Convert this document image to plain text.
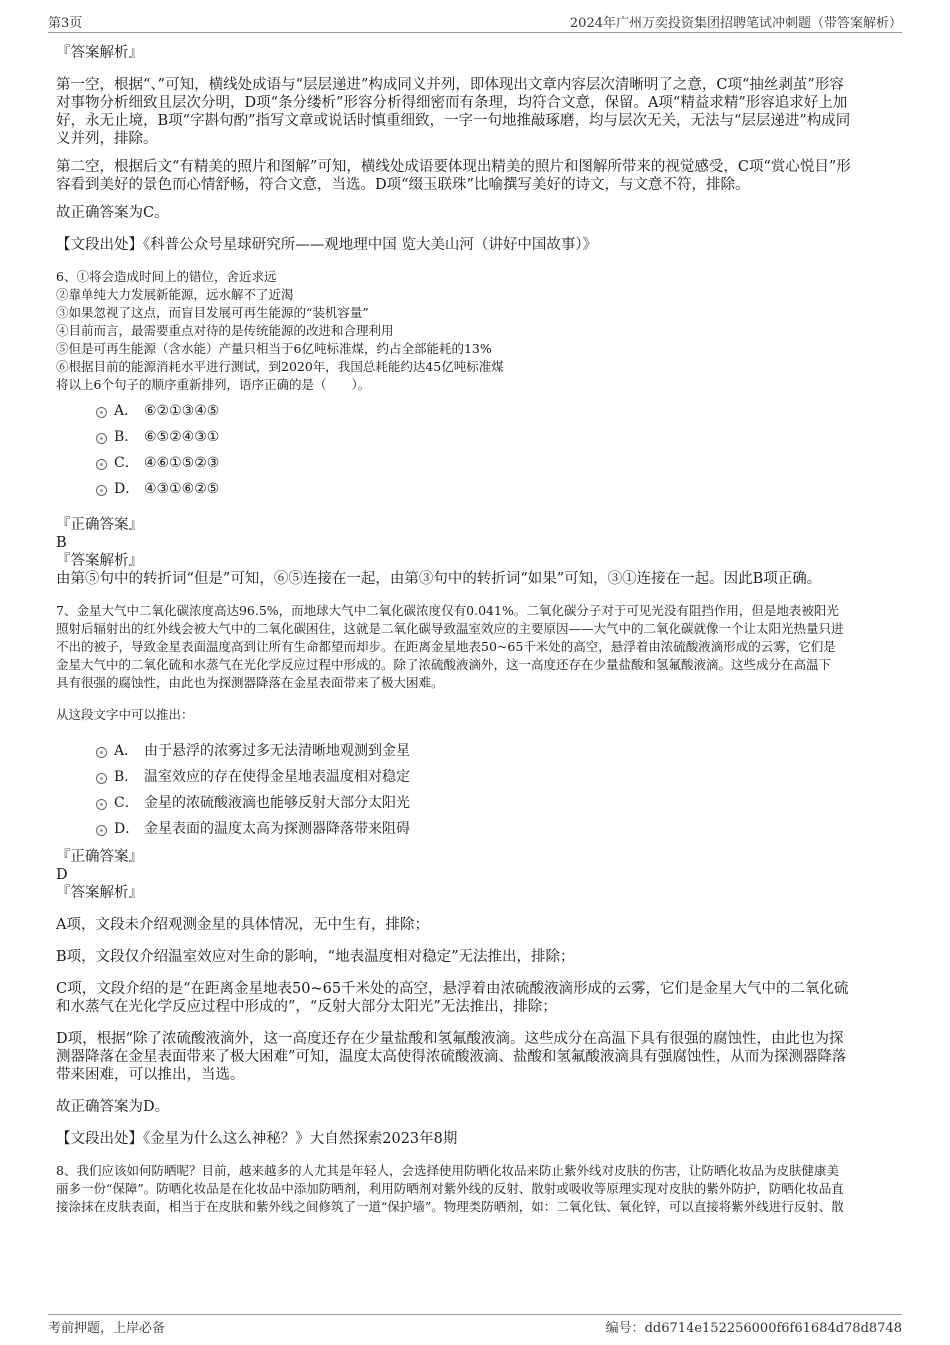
第3页	2024年广州万奕投资集团招聘笔试冲刺题（带答案解析）

『答案解析』

第一空，根据“、”可知，横线处成语与“层层递进”构成同义并列，即体现出文章内容层次清晰明了之意，C项“抽丝剥茧”形容

对事物分析细致且层次分明，D项“条分缕析”形容分析得细密而有条理，均符合文意，保留。A项“精益求精”形容追求好上加

好，永无止境，B项“字斟句酌”指写文章或说话时慎重细致，一字一句地推敲琢磨，均与层次无关，无法与“层层递进”构成同

义并列，排除。

第二空，根据后文“有精美的照片和图解”可知，横线处成语要体现出精美的照片和图解所带来的视觉感受，C项“赏心悦目”形

容看到美好的景色而心情舒畅，符合文意，当选。D项“缀玉联珠”比喻撰写美好的诗文，与文意不符，排除。

故正确答案为C。

【文段出处】《科普公众号星球研究所——观地理中国 览大美山河（讲好中国故事）》

6、①将会造成时间上的错位，舍近求远

②靠单纯大力发展新能源，远水解不了近渴

③如果忽视了这点，而盲目发展可再生能源的“装机容量”

④目前而言，最需要重点对待的是传统能源的改进和合理利用

⑤但是可再生能源（含水能）产量只相当于6亿吨标准煤，约占全部能耗的13%

⑥根据目前的能源消耗水平进行测试，到2020年，我国总耗能约达45亿吨标准煤

将以上6个句子的顺序重新排列，语序正确的是（　　）。

A． ⑥②①③④⑤
B． ⑥⑤②④③①
C． ④⑥①⑤②③
D． ④③①⑥②⑤

『正确答案』

B

『答案解析』

由第⑤句中的转折词“但是”可知，⑥⑤连接在一起，由第③句中的转折词“如果”可知，③①连接在一起。因此B项正确。

7、金星大气中二氧化碳浓度高达96.5%，而地球大气中二氧化碳浓度仅有0.041%。二氧化碳分子对于可见光没有阻挡作用，但是地表被阳光

照射后辐射出的红外线会被大气中的二氧化碳困住，这就是二氧化碳导致温室效应的主要原因——大气中的二氧化碳就像一个让太阳光热量只进

不出的被子，导致金星表面温度高到让所有生命都望而却步。在距离金星地表50~65千米处的高空，悬浮着由浓硫酸液滴形成的云雾，它们是

金星大气中的二氧化硫和水蒸气在光化学反应过程中形成的。除了浓硫酸液滴外，这一高度还存在少量盐酸和氢氟酸液滴。这些成分在高温下

具有很强的腐蚀性，由此也为探测器降落在金星表面带来了极大困难。

从这段文字中可以推出：

A． 由于悬浮的浓雾过多无法清晰地观测到金星
B． 温室效应的存在使得金星地表温度相对稳定
C． 金星的浓硫酸液滴也能够反射大部分太阳光
D． 金星表面的温度太高为探测器降落带来阻碍

『正确答案』

D

『答案解析』

A项，文段未介绍观测金星的具体情况，无中生有，排除；

B项，文段仅介绍温室效应对生命的影响，“地表温度相对稳定”无法推出，排除；

C项，文段介绍的是“在距离金星地表50~65千米处的高空，悬浮着由浓硫酸液滴形成的云雾，它们是金星大气中的二氧化硫

和水蒸气在光化学反应过程中形成的”，“反射大部分太阳光”无法推出，排除；

D项，根据“除了浓硫酸液滴外，这一高度还存在少量盐酸和氢氟酸液滴。这些成分在高温下具有很强的腐蚀性，由此也为探

测器降落在金星表面带来了极大困难”可知，温度太高使得浓硫酸液滴、盐酸和氢氟酸液滴具有强腐蚀性，从而为探测器降落

带来困难，可以推出，当选。

故正确答案为D。

【文段出处】《金星为什么这么神秘？》大自然探索2023年8期

8、我们应该如何防晒呢？目前，越来越多的人尤其是年轻人，会选择使用防晒化妆品来防止紫外线对皮肤的伤害，让防晒化妆品为皮肤健康美

丽多一份“保障”。防晒化妆品是在化妆品中添加防晒剂，利用防晒剂对紫外线的反射、散射或吸收等原理实现对皮肤的紫外防护，防晒化妆品直

接涂抹在皮肤表面，相当于在皮肤和紫外线之间修筑了一道“保护墙”。物理类防晒剂，如：二氧化钛、氧化锌，可以直接将紫外线进行反射、散

考前押题，上岸必备	编号：dd6714e152256000f6f61684d78d8748
